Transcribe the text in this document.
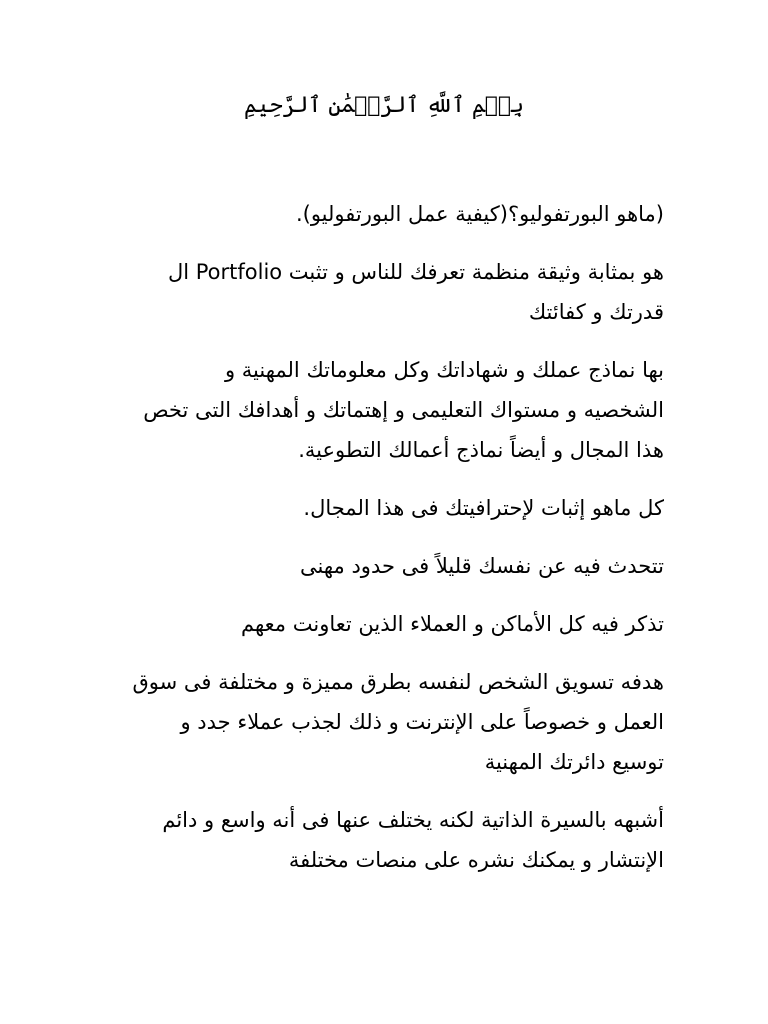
بِسۡمِ ٱللَّهِ ٱلرَّحۡمَٰنِ ٱلرَّحِيمِ

(ماهو البورتفوليو؟(كيفية عمل البورتفوليو).

هو بمثابة وثيقة منظمة تعرفك للناس و تثبت Portfolio ال
قدرتك و كفائتك

بها نماذج عملك و شهاداتك وكل معلوماتك المهنية و
الشخصيه و مستواك التعليمى و إهتماتك و أهدافك التى تخص
هذا المجال و أيضاً نماذج أعمالك التطوعية.

كل ماهو إثبات لإحترافيتك فى هذا المجال.

تتحدث فيه عن نفسك قليلاً فى حدود مهنى

تذكر فيه كل الأماكن و العملاء الذين تعاونت معهم

هدفه تسويق الشخص لنفسه بطرق مميزة و مختلفة فى سوق
العمل و خصوصاً على الإنترنت و ذلك لجذب عملاء جدد و
توسيع دائرتك المهنية

أشبهه بالسيرة الذاتية لكنه يختلف عنها فى أنه واسع و دائم
الإنتشار و يمكنك نشره على منصات مختلفة
